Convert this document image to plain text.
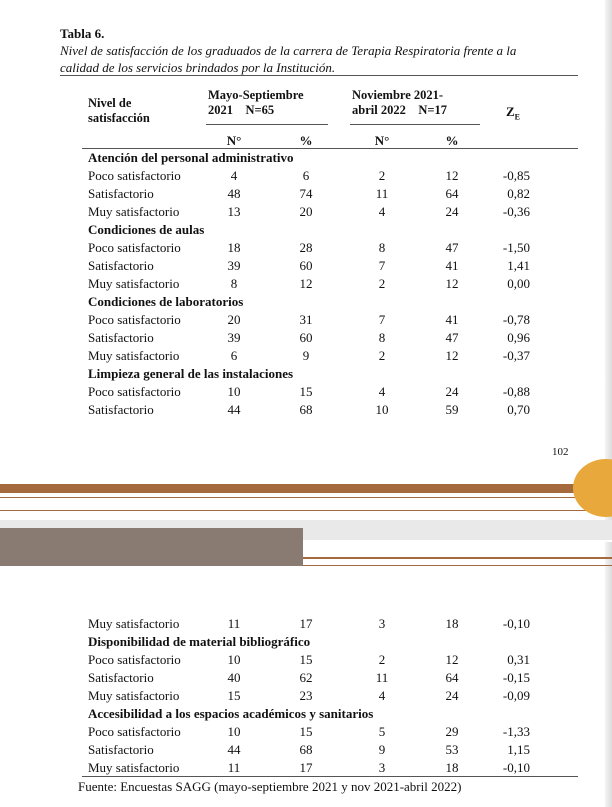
Tabla 6.
Nivel de satisfacción de los graduados de la carrera de Terapia Respiratoria frente a la
calidad de los servicios brindados por la Institución.
Nivel de
satisfacción
Mayo-Septiembre
2021 N=65
Noviembre 2021-
abril 2022 N=17	$Z_E$
N°	%	N°	%
Atención del personal administrativo
Poco satisfactorio	4	6	2	12	-0,85
Satisfactorio	48	74	11	64	0,82
Muy satisfactorio	13	20	4	24	-0,36
Condiciones de aulas
Poco satisfactorio	18	28	8	47	-1,50
Satisfactorio	39	60	7	41	1,41
Muy satisfactorio	8	12	2	12	0,00
Condiciones de laboratorios
Poco satisfactorio	20	31	7	41	-0,78
Satisfactorio	39	60	8	47	0,96
Muy satisfactorio	6	9	2	12	-0,37
Limpieza general de las instalaciones
Poco satisfactorio	10	15	4	24	-0,88
Satisfactorio	44	68	10	59	0,70
102
Muy satisfactorio	11	17	3	18	-0,10
Disponibilidad de material bibliográfico
Poco satisfactorio	10	15	2	12	0,31
Satisfactorio	40	62	11	64	-0,15
Muy satisfactorio	15	23	4	24	-0,09
Accesibilidad a los espacios académicos y sanitarios
Poco satisfactorio	10	15	5	29	-1,33
Satisfactorio	44	68	9	53	1,15
Muy satisfactorio	11	17	3	18	-0,10
Fuente: Encuestas SAGG (mayo-septiembre 2021 y nov 2021-abril 2022)
